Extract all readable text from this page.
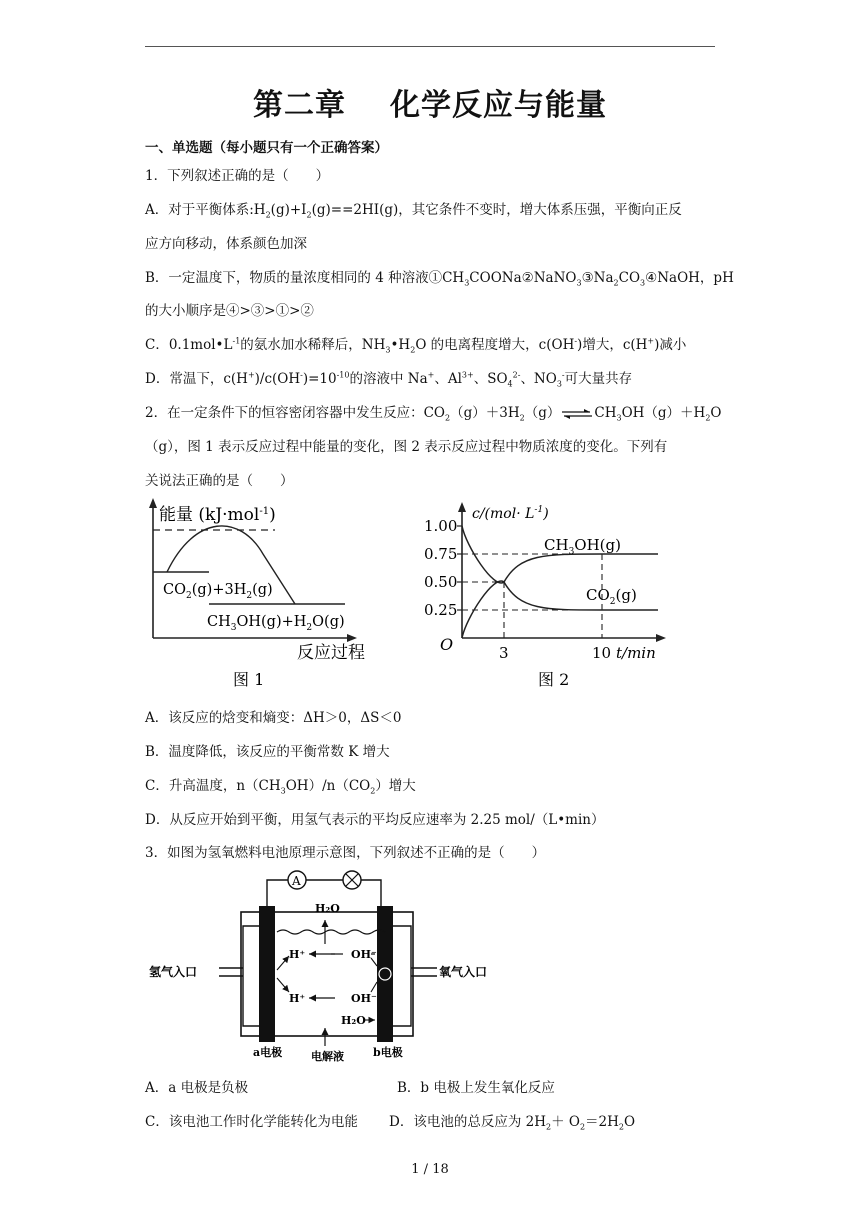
第二章 化学反应与能量
一、单选题（每小题只有一个正确答案）
1．下列叙述正确的是（　　）
A．对于平衡体系$:H_2(g)+I_2(g)==2HI(g)$，其它条件不变时，增大体系压强，平衡向正反
应方向移动，体系颜色加深
B．一定温度下，物质的量浓度相同的 4 种溶液$①CH_3COONa②NaNO_3③Na_2CO_3④NaOH$，pH
的大小顺序是④>③>①>②
C．$0.1mol•L^{-1}$的氨水加水稀释后，$NH_3•H_2O$ 的电离程度增大，c(OH-)增大，c(H+)减小
D．常温下，$c(H^+)/c(OH^-)=10^{-10}$的溶液中 Na+、$Al^{3+}$、$SO_4^{2-}$、$NO_3^-$可大量共存
2．在一定条件下的恒容密闭容器中发生反应：$CO_2(g)+3H_2(g)\rightleftharpoons CH_3OH(g)+H_2O$
（g），图 1 表示反应过程中能量的变化，图 2 表示反应过程中物质浓度的变化。下列有
关说法正确的是（　　）
能量 (kJ·mol$^{-1}$)
$CO_2(g)+3H_2(g)$
$CH_3OH(g)+H_2O(g)$
反应过程
图 1
1.00
0.75
0.50
0.25
3	10
$c/(mol\cdot L^{-1})$
O	t/min
$CH_3OH(g)$
$CO_2(g)$
图 2
A．该反应的焓变和熵变：ΔH＞0，ΔS＜0
B．温度降低，该反应的平衡常数 K 增大
C．升高温度，$n(CH_3OH)/n(CO_2)$增大
D．从反应开始到平衡，用氢气表示的平均反应速率为 2.25 mol/（L•min）
3．如图为氢氧燃料电池原理示意图，下列叙述不正确的是（　　）
A
H₂O
H⁺	OH⁻
H⁺	OH⁻
H₂O
氢气入口	氧气入口
a电极	电解液	b电极
A．a 电极是负极	B．b 电极上发生氧化反应
C．该电池工作时化学能转化为电能 D．该电池的总反应为 $2H_2+ O_2=2H_2O$
1 / 18
